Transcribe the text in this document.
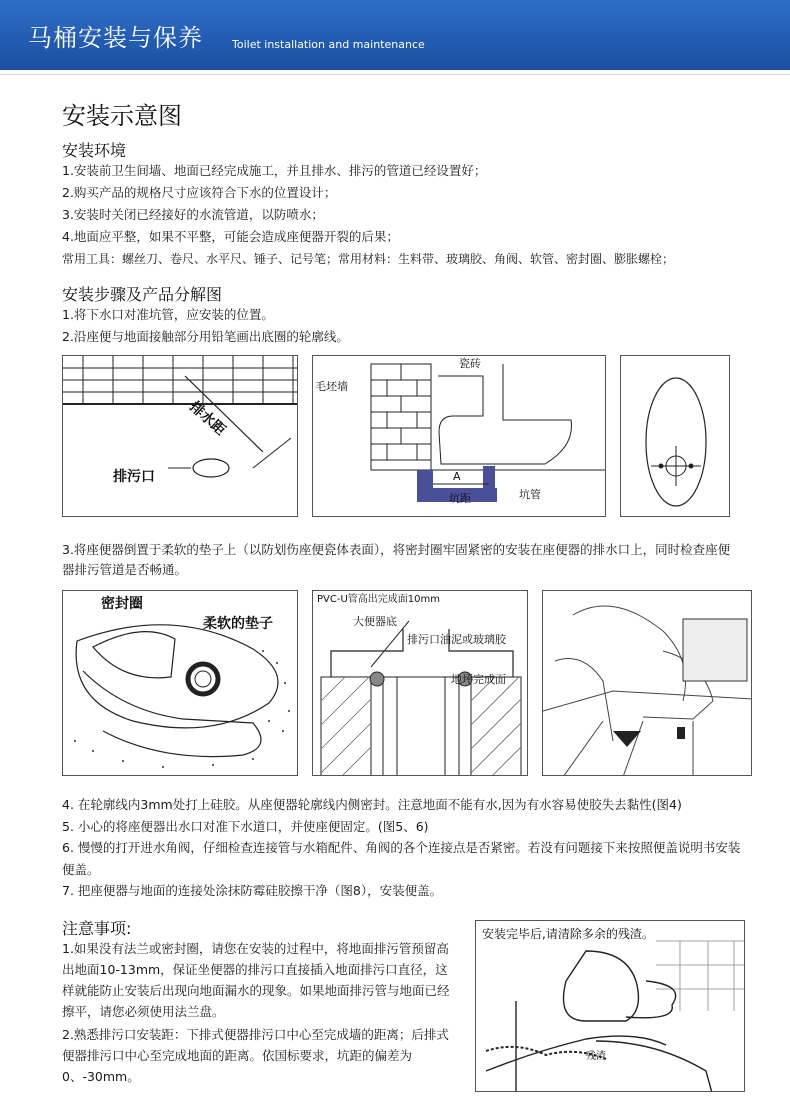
马桶安装与保养	Toilet installation and maintenance
安装示意图
安装环境
1.安装前卫生间墙、地面已经完成施工，并且排水、排污的管道已经设置好；
2.购买产品的规格尺寸应该符合下水的位置设计；
3.安装时关闭已经接好的水流管道，以防喷水；
4.地面应平整，如果不平整，可能会造成座便器开裂的后果；
常用工具：螺丝刀、卷尺、水平尺、锤子、记号笔；常用材料：生料带、玻璃胶、角阀、软管、密封圈、膨胀螺栓；
安装步骤及产品分解图
1.将下水口对准坑管，应安装的位置。
2.沿座便与地面接触部分用铅笔画出底圈的轮廓线。
排水距
排污口
毛坯墙
瓷砖
A
坑距	坑管
3.将座便器倒置于柔软的垫子上（以防划伤座便瓷体表面），将密封圈牢固紧密的安装在座便器的排水口上，同时检查座便器排污管道是否畅通。
密封圈
柔软的垫子
PVC-U管高出完成面10mm
大便器底
排污口油泥或玻璃胶
地坪完成面
4. 在轮廓线内3mm处打上硅胶。从座便器轮廓线内侧密封。注意地面不能有水,因为有水容易使胶失去黏性(图4)
5. 小心的将座便器出水口对准下水道口，并使座便固定。(图5、6)
6. 慢慢的打开进水角阀，仔细检查连接管与水箱配件、角阀的各个连接点是否紧密。若没有问题接下来按照便盖说明书安装便盖。
7. 把座便器与地面的连接处涂抹防霉硅胶擦干净（图8），安装便盖。
注意事项:
1.如果没有法兰或密封圈，请您在安装的过程中，将地面排污管预留高出地面10-13mm，保证坐便器的排污口直接插入地面排污口直径，这样就能防止安装后出现向地面漏水的现象。如果地面排污管与地面已经擦平，请您必须使用法兰盘。
2.熟悉排污口安装距：下排式便器排污口中心至完成墙的距离；后排式便器排污口中心至完成地面的距离。依国标要求，坑距的偏差为0、-30mm。
安装完毕后,请清除多余的残渣。
残渣
